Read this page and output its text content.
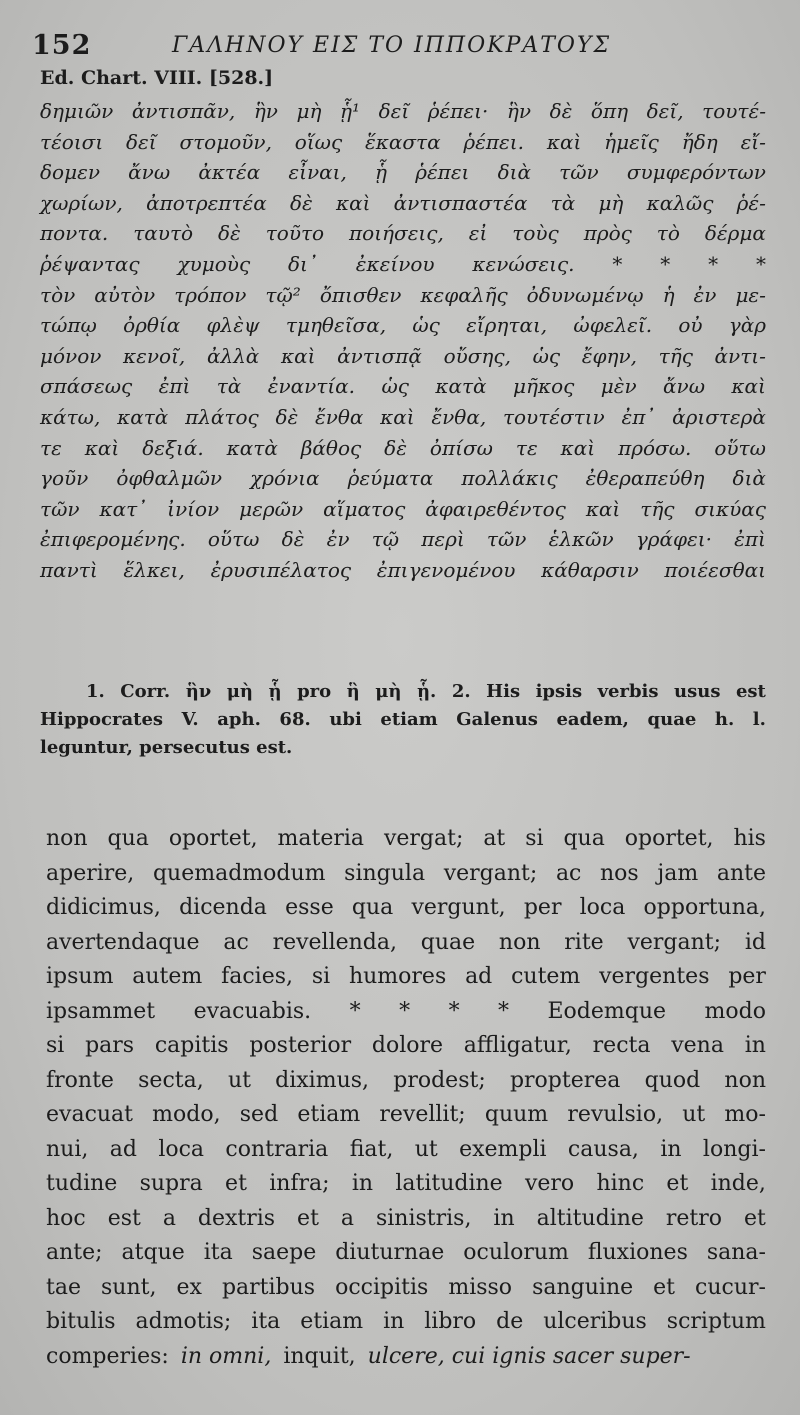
152	ΓΑΛΗΝΟΥ ΕΙΣ ΤΟ ΙΠΠΟΚΡΑΤΟΥΣ
Ed. Chart. VIII. [528.]
δημιῶν ἀντισπᾶν, ἣν μὴ ᾗ¹ δεῖ ῥέπει· ἣν δὲ ὅπη δεῖ, τουτέ-
τέοισι δεῖ στομοῦν, οἵως ἕκαστα ῥέπει. καὶ ἡμεῖς ἤδη εἴ-
δομεν ἄνω ἀκτέα εἶναι, ᾗ ῥέπει διὰ τῶν συμφερόντων
χωρίων, ἀποτρεπτέα δὲ καὶ ἀντισπαστέα τὰ μὴ καλῶς ῥέ-
ποντα. ταυτὸ δὲ τοῦτο ποιήσεις, εἰ τοὺς πρὸς τὸ δέρμα
ῥέψαντας χυμοὺς δι᾽ ἐκείνου κενώσεις. * * * *
τὸν αὐτὸν τρόπον τῷ² ὄπισθεν κεφαλῆς ὀδυνωμένῳ ἡ ἐν με-
τώπῳ ὀρθία φλὲψ τμηθεῖσα, ὡς εἴρηται, ὠφελεῖ. οὐ γὰρ
μόνον κενοῖ, ἀλλὰ καὶ ἀντισπᾷ οὔσης, ὡς ἔφην, τῆς ἀντι-
σπάσεως ἐπὶ τὰ ἐναντία. ὡς κατὰ μῆκος μὲν ἄνω καὶ
κάτω, κατὰ πλάτος δὲ ἔνθα καὶ ἔνθα, τουτέστιν ἐπ᾽ ἀριστερὰ
τε καὶ δεξιά. κατὰ βάθος δὲ ὀπίσω τε καὶ πρόσω. οὕτω
γοῦν ὀφθαλμῶν χρόνια ῥεύματα πολλάκις ἐθεραπεύθη διὰ
τῶν κατ᾽ ἰνίον μερῶν αἵματος ἀφαιρεθέντος καὶ τῆς σικύας
ἐπιφερομένης. οὕτω δὲ ἐν τῷ περὶ τῶν ἑλκῶν γράφει· ἐπὶ
παντὶ ἕλκει, ἐρυσιπέλατος ἐπιγενομένου κάθαρσιν ποιέεσθαι
1. Corr. ἣν μὴ ᾗ pro ἣ μὴ ᾗ. 2. His ipsis verbis usus est
Hippocrates V. aph. 68. ubi etiam Galenus eadem, quae h. l.
leguntur, persecutus est.
non qua oportet, materia vergat; at si qua oportet, his
aperire, quemadmodum singula vergant; ac nos jam ante
didicimus, dicenda esse qua vergunt, per loca opportuna,
avertendaque ac revellenda, quae non rite vergant; id
ipsum autem facies, si humores ad cutem vergentes per
ipsammet evacuabis. * * * * Eodemque modo
si pars capitis posterior dolore affligatur, recta vena in
fronte secta, ut diximus, prodest; propterea quod non
evacuat modo, sed etiam revellit; quum revulsio, ut mo-
nui, ad loca contraria fiat, ut exempli causa, in longi-
tudine supra et infra; in latitudine vero hinc et inde,
hoc est a dextris et a sinistris, in altitudine retro et
ante; atque ita saepe diuturnae oculorum fluxiones sana-
tae sunt, ex partibus occipitis misso sanguine et cucur-
bitulis admotis; ita etiam in libro de ulceribus scriptum
comperies: in omni, inquit, ulcere, cui ignis sacer super-
